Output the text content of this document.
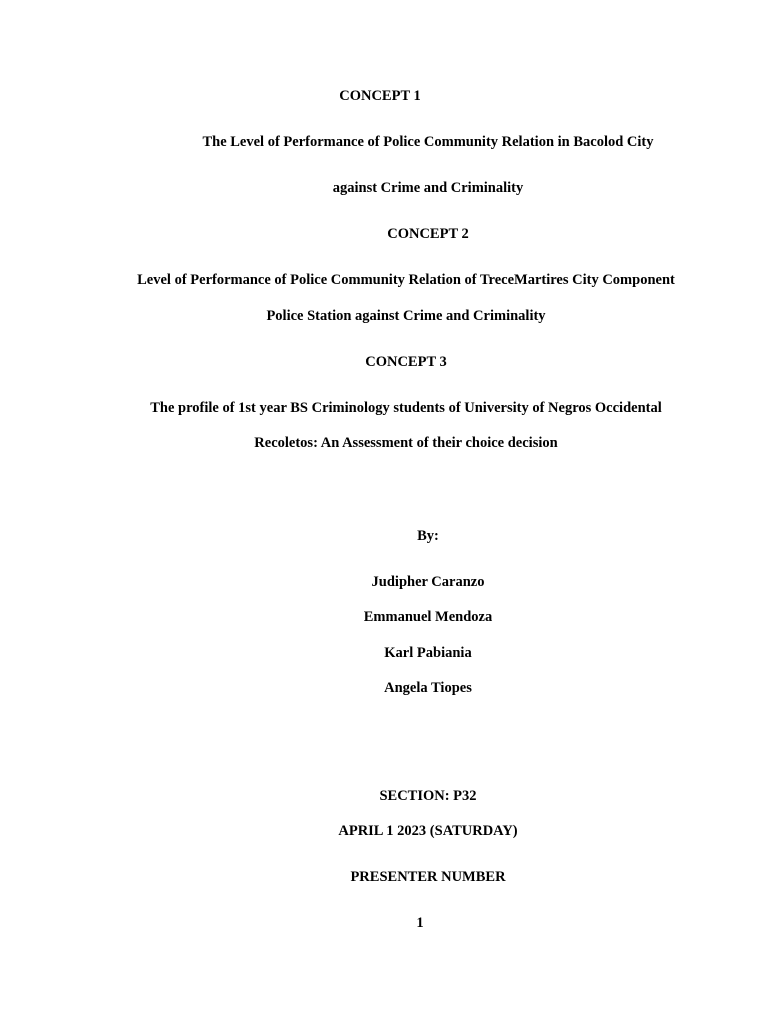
CONCEPT 1
The Level of Performance of Police Community Relation in Bacolod City
against Crime and Criminality
CONCEPT 2
Level of Performance of Police Community Relation of TreceMartires City Component
Police Station against Crime and Criminality
CONCEPT 3
The profile of 1st year BS Criminology students of University of Negros Occidental
Recoletos: An Assessment of their choice decision
By:
Judipher Caranzo
Emmanuel Mendoza
Karl Pabiania
Angela Tiopes
SECTION: P32
APRIL 1 2023 (SATURDAY)
PRESENTER NUMBER
1
